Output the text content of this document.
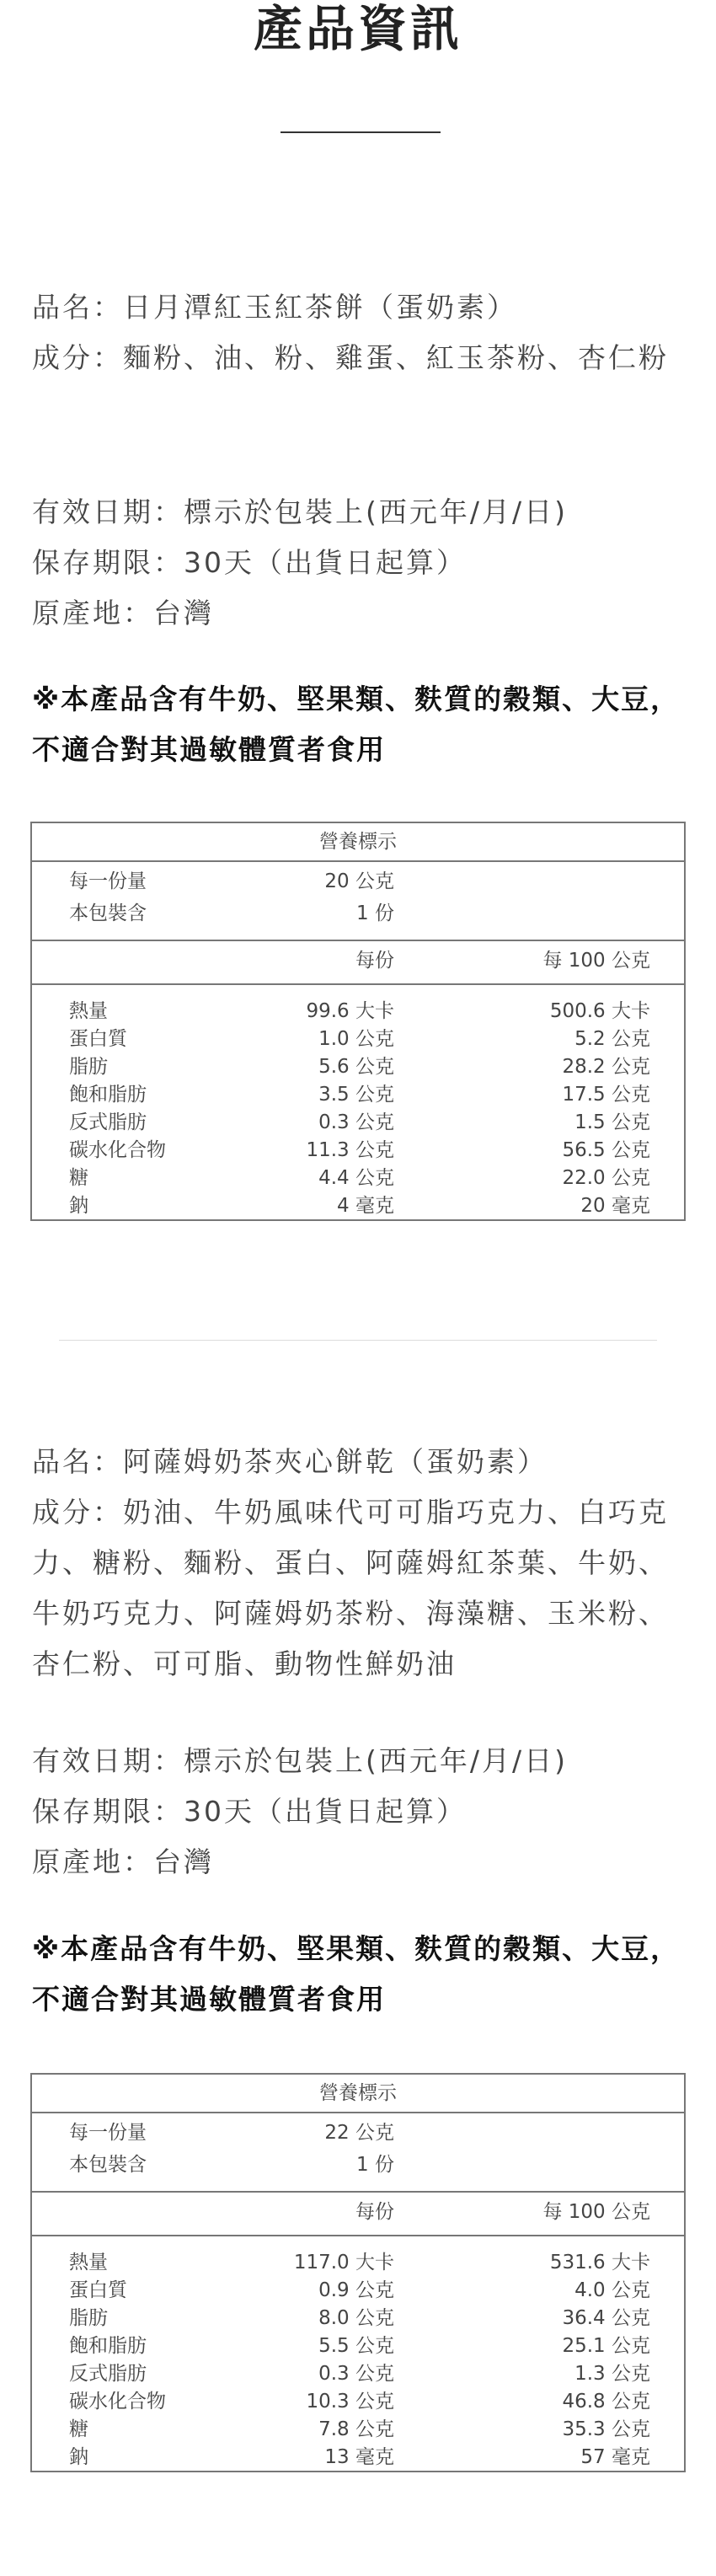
產品資訊

品名：日月潭紅玉紅茶餅（蛋奶素）

成分：麵粉、油、粉、雞蛋、紅玉茶粉、杏仁粉

有效日期：標示於包裝上(西元年/月/日)

保存期限：30天（出貨日起算）

原產地：台灣

※本產品含有牛奶、堅果類、麩質的穀類、大豆，不適合對其過敏體質者食用

營養標示
每一份量	20 公克
本包裝含	1 份
每份	每 100 公克
熱量	99.6 大卡	500.6 大卡
蛋白質	1.0 公克	5.2 公克
脂肪	5.6 公克	28.2 公克
飽和脂肪	3.5 公克	17.5 公克
反式脂肪	0.3 公克	1.5 公克
碳水化合物	11.3 公克	56.5 公克
糖	4.4 公克	22.0 公克
鈉	4 毫克	20 毫克

品名：阿薩姆奶茶夾心餅乾（蛋奶素）

成分：奶油、牛奶風味代可可脂巧克力、白巧克力、糖粉、麵粉、蛋白、阿薩姆紅茶葉、牛奶、牛奶巧克力、阿薩姆奶茶粉、海藻糖、玉米粉、杏仁粉、可可脂、動物性鮮奶油

有效日期：標示於包裝上(西元年/月/日)

保存期限：30天（出貨日起算）

原產地：台灣

※本產品含有牛奶、堅果類、麩質的穀類、大豆，不適合對其過敏體質者食用

營養標示
每一份量	22 公克
本包裝含	1 份
每份	每 100 公克
熱量	117.0 大卡	531.6 大卡
蛋白質	0.9 公克	4.0 公克
脂肪	8.0 公克	36.4 公克
飽和脂肪	5.5 公克	25.1 公克
反式脂肪	0.3 公克	1.3 公克
碳水化合物	10.3 公克	46.8 公克
糖	7.8 公克	35.3 公克
鈉	13 毫克	57 毫克
